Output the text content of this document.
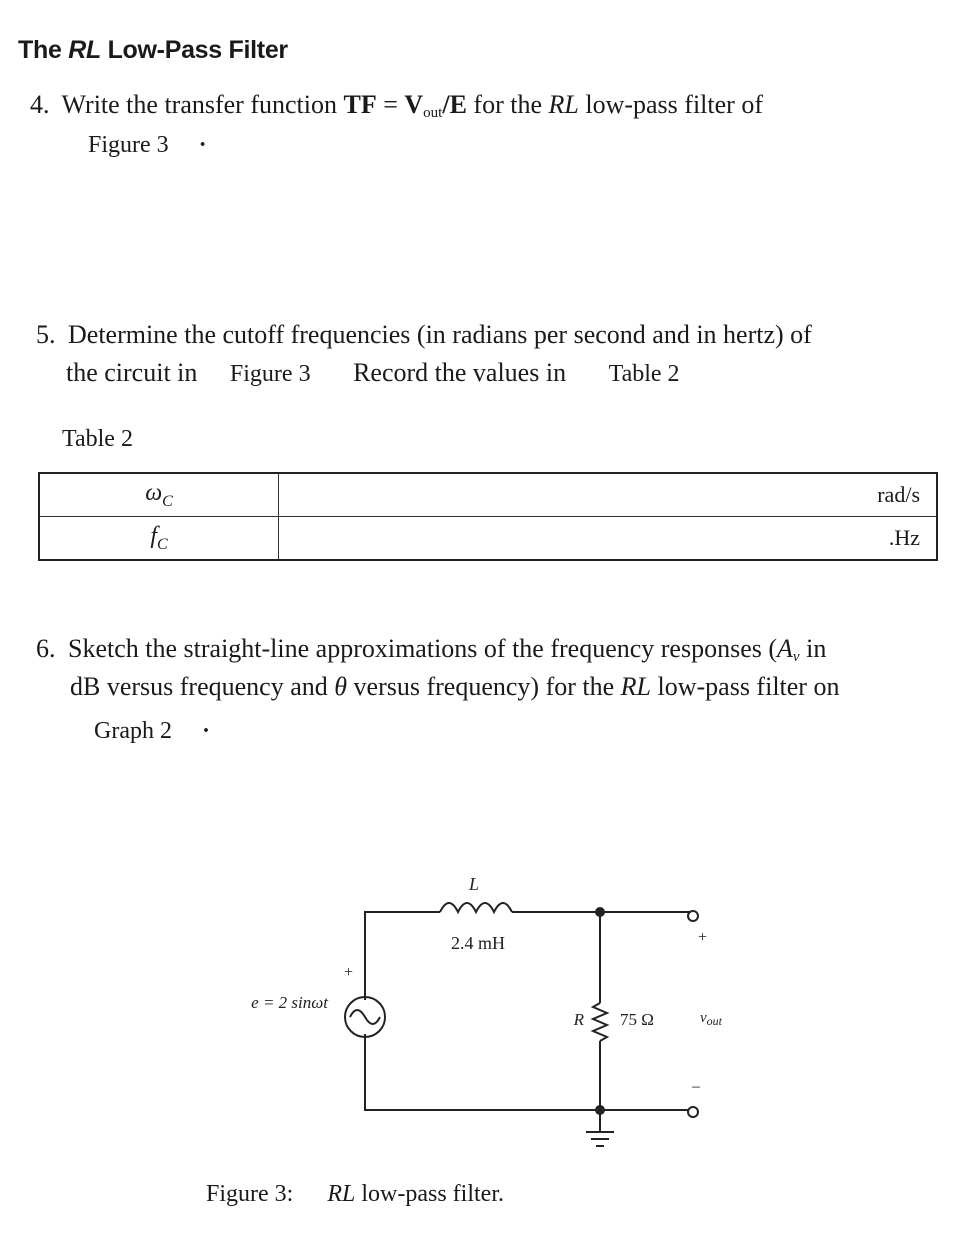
The RL Low-Pass Filter
4. Write the transfer function TF = $V_{out}/E$ for the RL low-pass filter of
Figure 3 ·
5. Determine the cutoff frequencies (in radians per second and in hertz) of
the circuit in Figure 3 Record the values in Table 2
Table 2
$\omega_C$	rad/s
$f_C$	.Hz
6. Sketch the straight-line approximations of the frequency responses ($A_v$ in
dB versus frequency and θ versus frequency) for the RL low-pass filter on
Graph 2 ·
L
2.4 mH
e = 2 sinωt
+
R 75 Ω	$v_{out}$
+
–
Figure 3: RL low-pass filter.
